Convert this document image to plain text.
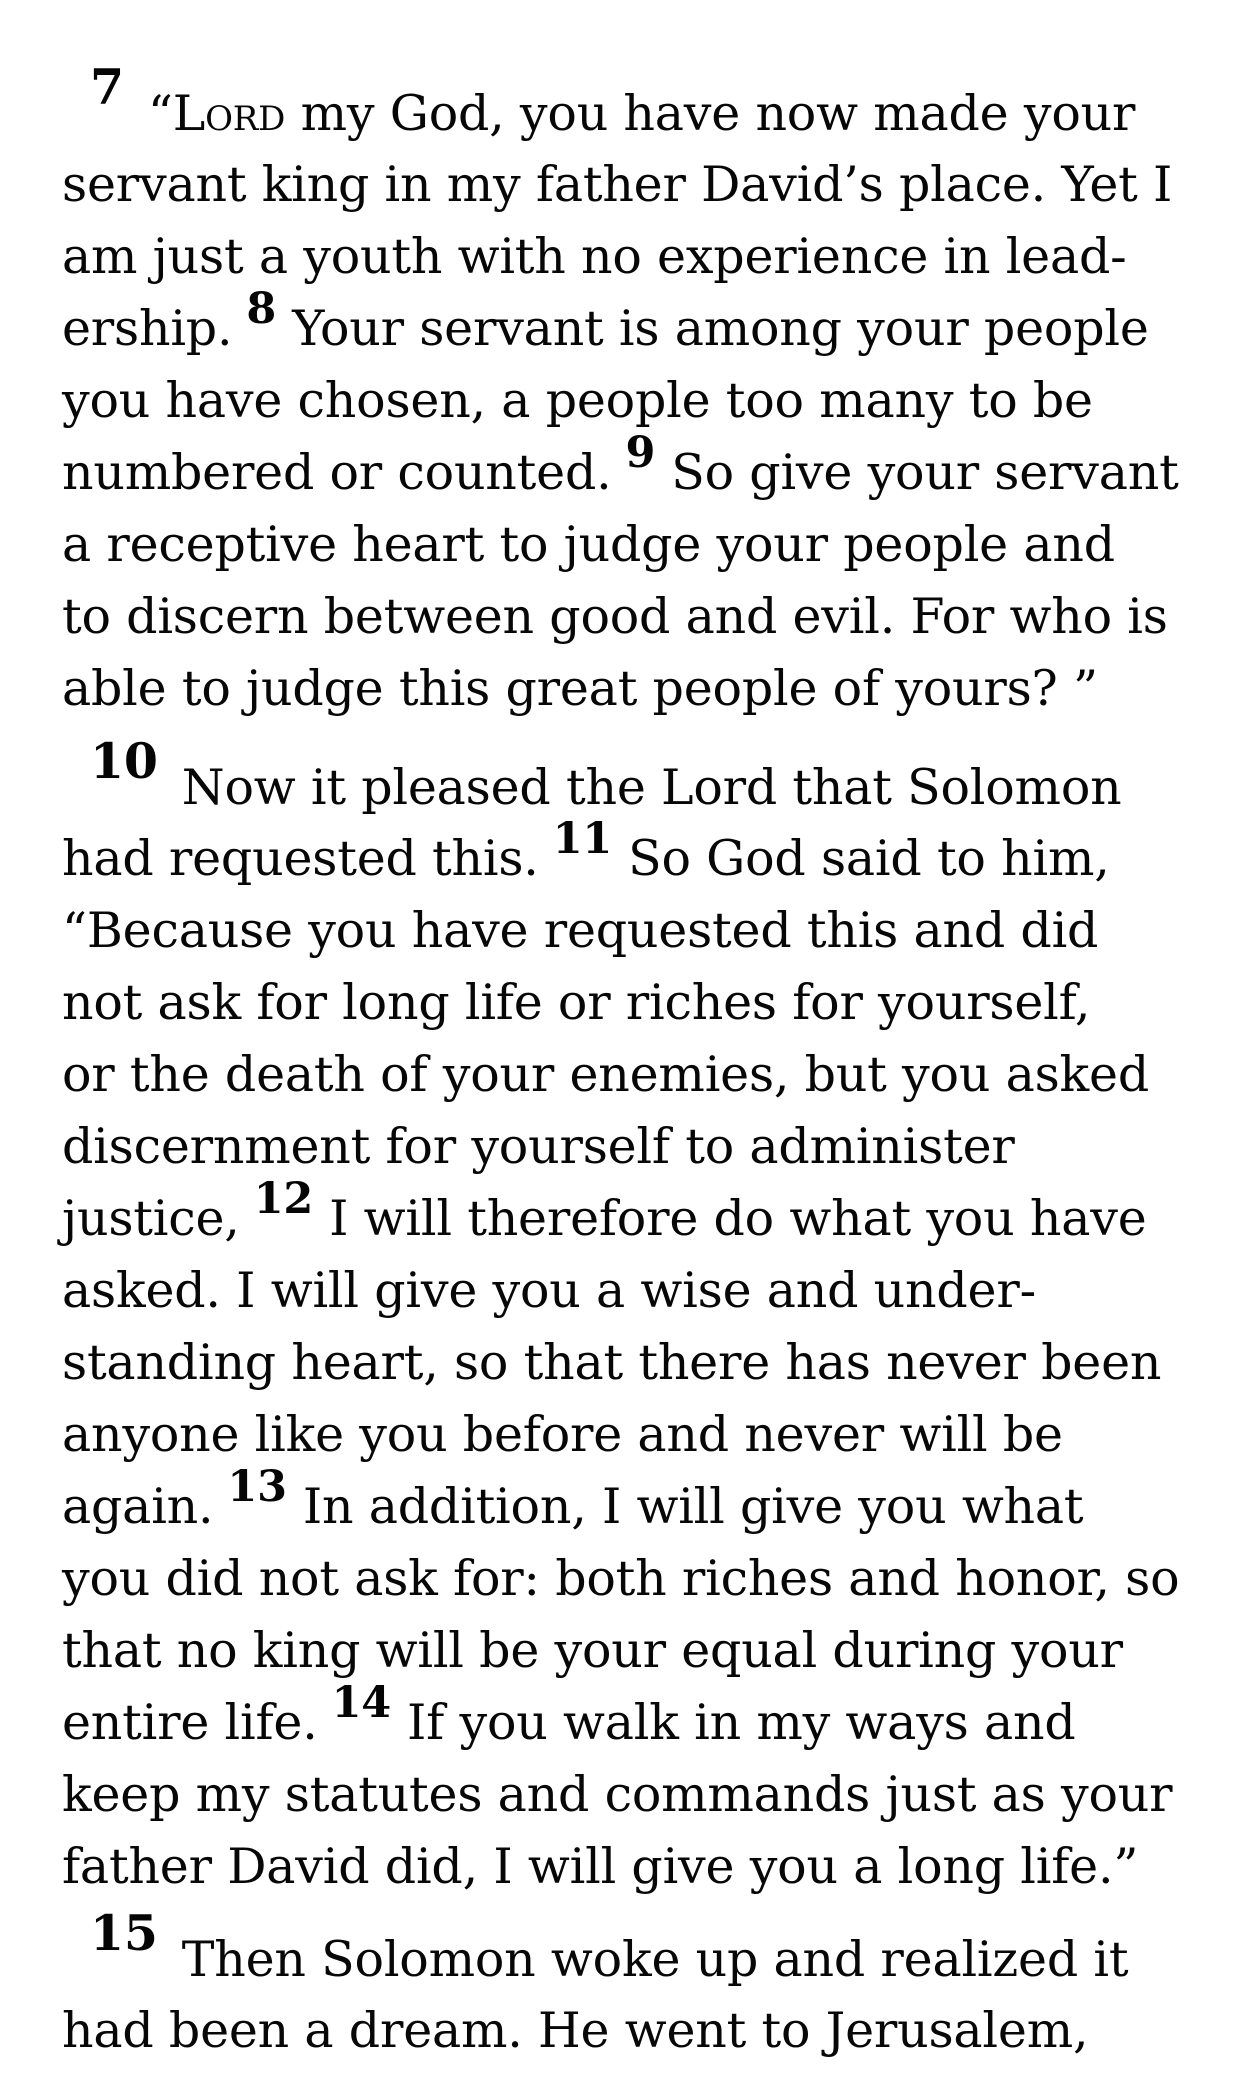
7 “Lord my God, you have now made your
servant king in my father David’s place. Yet I
am just a youth with no experience in lead-
ership. 8 Your servant is among your people
you have chosen, a people too many to be
numbered or counted. 9 So give your servant
a receptive heart to judge your people and
to discern between good and evil. For who is
able to judge this great people of yours? ”
10 Now it pleased the Lord that Solomon
had requested this. 11 So God said to him,
“Because you have requested this and did
not ask for long life or riches for yourself,
or the death of your enemies, but you asked
discernment for yourself to administer
justice, 12 I will therefore do what you have
asked. I will give you a wise and under-
standing heart, so that there has never been
anyone like you before and never will be
again. 13 In addition, I will give you what
you did not ask for: both riches and honor, so
that no king will be your equal during your
entire life. 14 If you walk in my ways and
keep my statutes and commands just as your
father David did, I will give you a long life.”
15 Then Solomon woke up and realized it
had been a dream. He went to Jerusalem,
